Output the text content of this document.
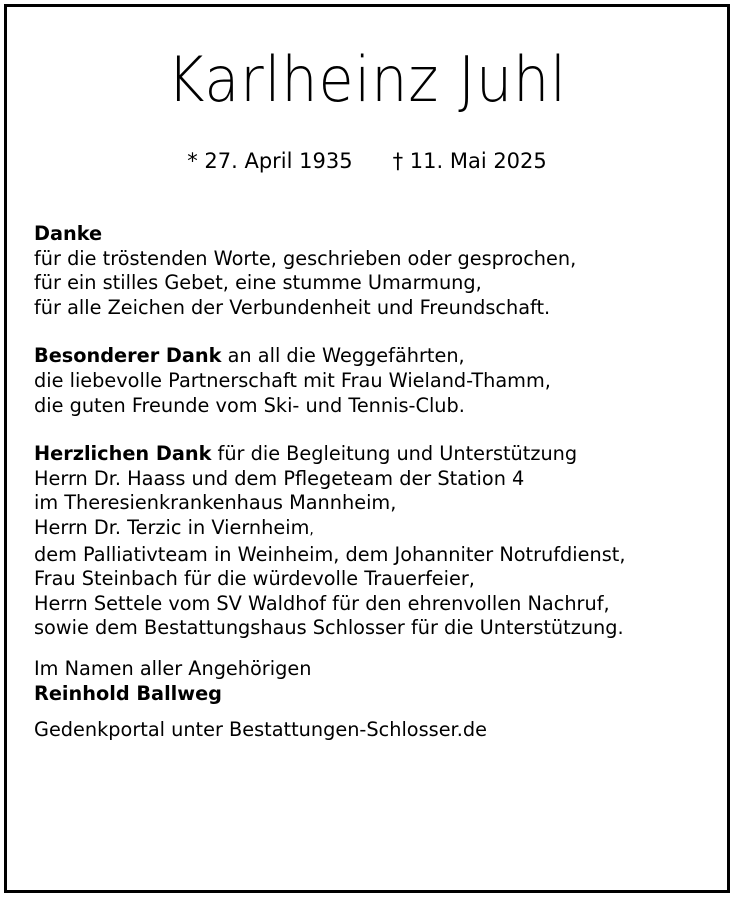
Karlheinz Juhl
* 27. April 1935 † 11. Mai 2025

Danke

für die tröstenden Worte, geschrieben oder gesprochen,

für ein stilles Gebet, eine stumme Umarmung,

für alle Zeichen der Verbundenheit und Freundschaft.

Besonderer Dank an all die Weggefährten,

die liebevolle Partnerschaft mit Frau Wieland-Thamm,

die guten Freunde vom Ski- und Tennis-Club.

Herzlichen Dank für die Begleitung und Unterstützung

Herrn Dr. Haass und dem Pflegeteam der Station 4

im Theresienkrankenhaus Mannheim,

Herrn Dr. Terzic in Viernheim,

dem Palliativteam in Weinheim, dem Johanniter Notrufdienst,

Frau Steinbach für die würdevolle Trauerfeier,

Herrn Settele vom SV Waldhof für den ehrenvollen Nachruf,

sowie dem Bestattungshaus Schlosser für die Unterstützung.

Im Namen aller Angehörigen

Reinhold Ballweg

Gedenkportal unter Bestattungen-Schlosser.de
